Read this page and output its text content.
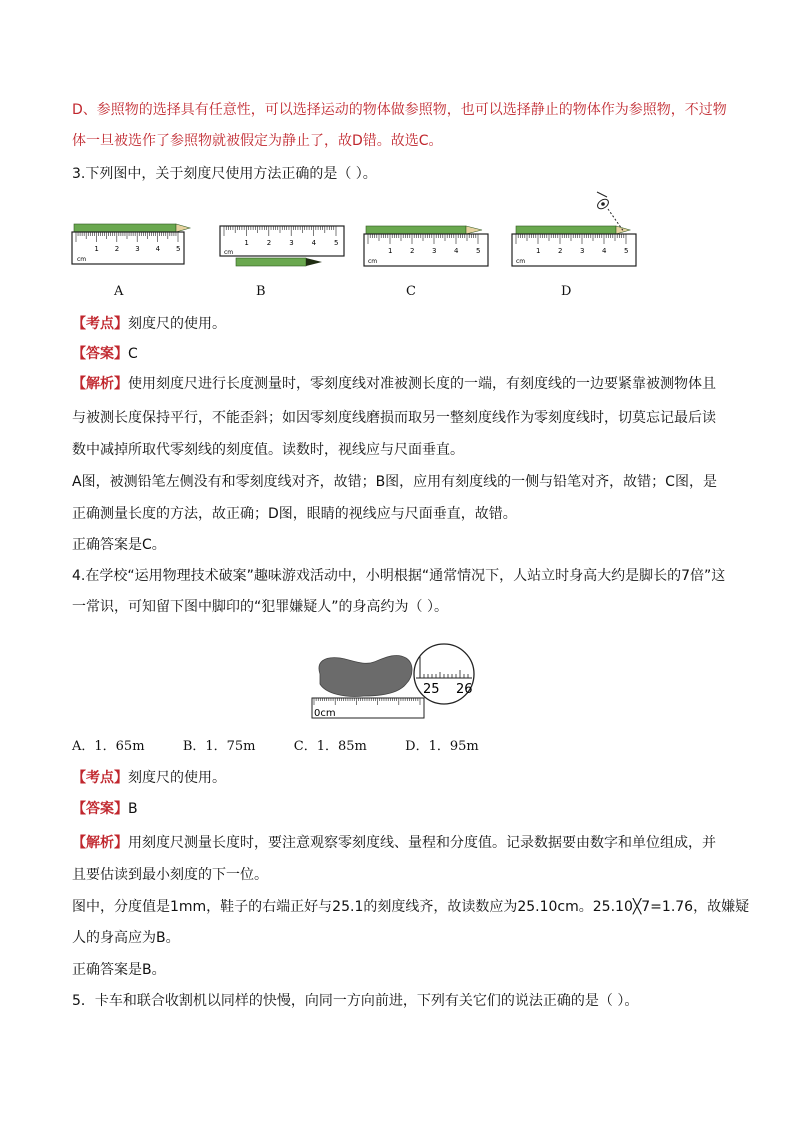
D、参照物的选择具有任意性，可以选择运动的物体做参照物，也可以选择静止的物体作为参照物，不过物
体一旦被选作了参照物就被假定为静止了，故D错。故选C。
3.下列图中，关于刻度尺使用方法正确的是（ ）。
1 2 3 4 5
cm
1	2	3	4	5
cm	1	2	3	4	5
cm
1	2	3	4	5
cm
A	B	C	D
【考点】刻度尺的使用。
【答案】C
【解析】使用刻度尺进行长度测量时，零刻度线对准被测长度的一端，有刻度线的一边要紧靠被测物体且
与被测长度保持平行，不能歪斜；如因零刻度线磨损而取另一整刻度线作为零刻度线时，切莫忘记最后读
数中减掉所取代零刻线的刻度值。读数时，视线应与尺面垂直。
A图，被测铅笔左侧没有和零刻度线对齐，故错；B图，应用有刻度线的一侧与铅笔对齐，故错；C图，是
正确测量长度的方法，故正确；D图，眼睛的视线应与尺面垂直，故错。
正确答案是C。
4.在学校“运用物理技术破案”趣味游戏活动中，小明根据“通常情况下，人站立时身高大约是脚长的7倍”这
一常识，可知留下图中脚印的“犯罪嫌疑人”的身高约为（ ）。
0cm
25 26
A．1．65m	B．1．75m	C．1．85m	D．1．95m
【考点】刻度尺的使用。
【答案】B
【解析】用刻度尺测量长度时，要注意观察零刻度线、量程和分度值。记录数据要由数字和单位组成，并
且要估读到最小刻度的下一位。
图中，分度值是1mm，鞋子的右端正好与25.1的刻度线齐，故读数应为25.10cm。25.10╳7=1.76，故嫌疑
人的身高应为B。
正确答案是B。
5．卡车和联合收割机以同样的快慢，向同一方向前进，下列有关它们的说法正确的是（ ）。
